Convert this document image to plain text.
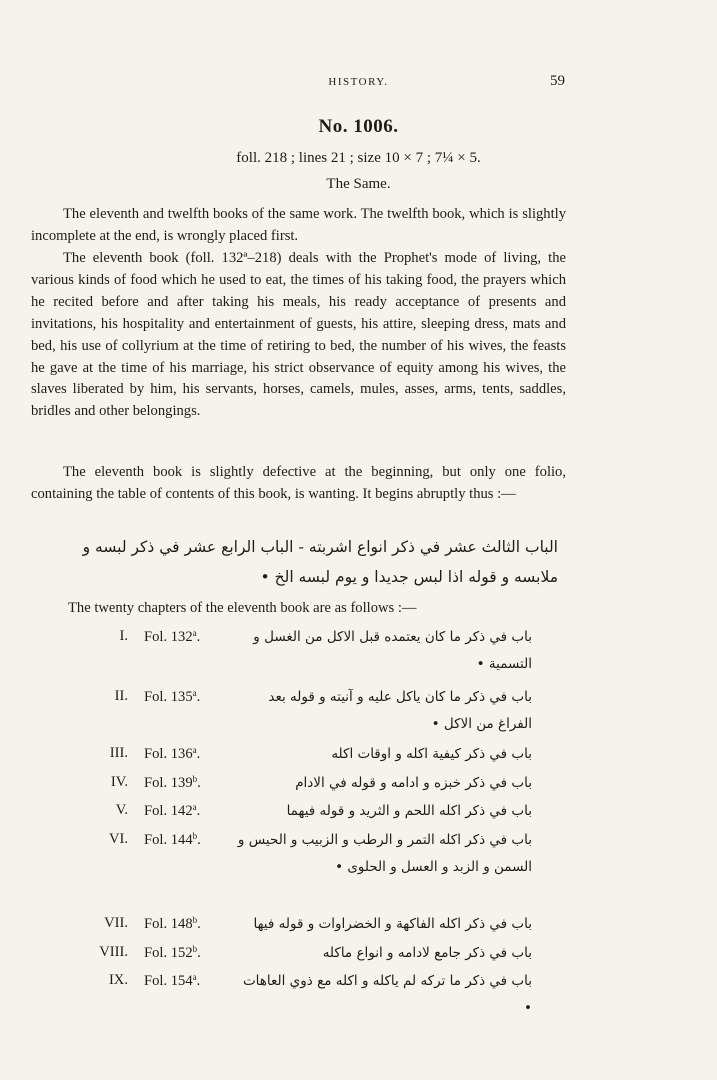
HISTORY.	59
No. 1006.
foll. 218 ; lines 21 ; size 10 × 7 ; 7¼ × 5.
The Same.

The eleventh and twelfth books of the same work. The twelfth book, which is slightly incomplete at the end, is wrongly placed first.

The eleventh book (foll. 132ª–218) deals with the Prophet's mode of living, the various kinds of food which he used to eat, the times of his taking food, the prayers which he recited before and after taking his meals, his ready acceptance of presents and invitations, his hospitality and entertainment of guests, his attire, sleeping dress, mats and bed, his use of collyrium at the time of retiring to bed, the number of his wives, the feasts he gave at the time of his marriage, his strict observance of equity among his wives, the slaves liberated by him, his servants, horses, camels, mules, asses, arms, tents, saddles, bridles and other belongings.

The eleventh book is slightly defective at the beginning, but only one folio, containing the table of contents of this book, is wanting. It begins abruptly thus :—

الباب الثالث عشر في ذكر انواع اشربته - الباب الرابع عشر في ذكر لبسه و ملابسه و قوله اذا لبس جديدا و يوم لبسه الخ •
The twenty chapters of the eleventh book are as follows :—
I. Fol. 132$^a$.	باب في ذكر ما كان يعتمده قبل الاكل من الغسل و التسمية •
II. Fol. 135$^a$.	باب في ذكر ما كان ياكل عليه و آنيته و قوله بعد الفراغ من الاكل •
III. Fol. 136$^a$.	باب في ذكر كيفية اكله و اوقات اكله
IV. Fol. 139$^b$.	باب في ذكر خبزه و ادامه و قوله في الادام
V. Fol. 142$^a$.	باب في ذكر اكله اللحم و الثريد و قوله فيهما
VI. Fol. 144$^b$.	باب في ذكر اكله التمر و الرطب و الزبيب و الحيس و السمن و الزبد و العسل و الحلوى •
VII. Fol. 148$^b$.	باب في ذكر اكله الفاكهة و الخضراوات و قوله فيها
VIII. Fol. 152$^b$.	باب في ذكر جامع لادامه و انواع ماكله
IX. Fol. 154$^a$.	باب في ذكر ما تركه لم ياكله و اكله مع ذوي العاهات •
